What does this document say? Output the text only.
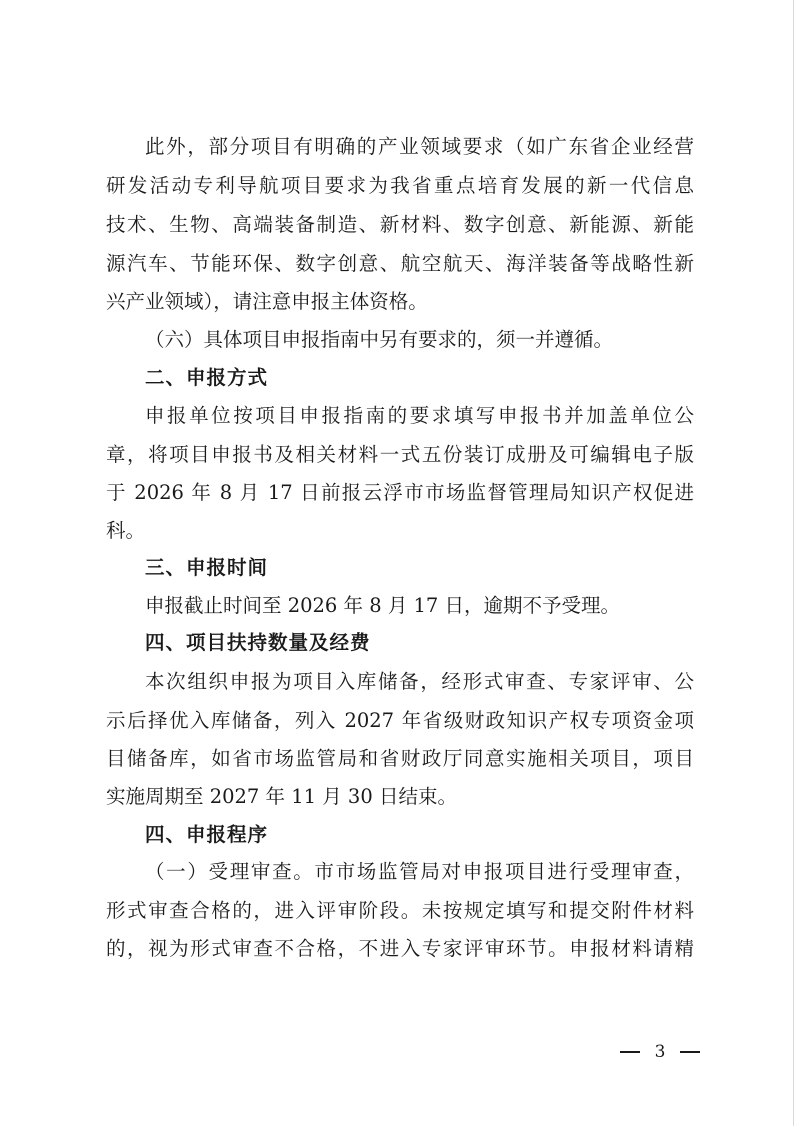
此外，部分项目有明确的产业领域要求（如广东省企业经营
研发活动专利导航项目要求为我省重点培育发展的新一代信息
技术、生物、高端装备制造、新材料、数字创意、新能源、新能
源汽车、节能环保、数字创意、航空航天、海洋装备等战略性新
兴产业领域），请注意申报主体资格。
（六）具体项目申报指南中另有要求的，须一并遵循。
二、申报方式
申报单位按项目申报指南的要求填写申报书并加盖单位公
章，将项目申报书及相关材料一式五份装订成册及可编辑电子版
于 2026 年 8 月 17 日前报云浮市市场监督管理局知识产权促进
科。
三、申报时间
申报截止时间至 2026 年 8 月 17 日，逾期不予受理。
四、项目扶持数量及经费
本次组织申报为项目入库储备，经形式审查、专家评审、公
示后择优入库储备，列入 2027 年省级财政知识产权专项资金项
目储备库，如省市场监管局和省财政厅同意实施相关项目，项目
实施周期至 2027 年 11 月 30 日结束。
四、申报程序
（一）受理审查。市市场监管局对申报项目进行受理审查，
形式审查合格的，进入评审阶段。未按规定填写和提交附件材料
的，视为形式审查不合格，不进入专家评审环节。申报材料请精
3
